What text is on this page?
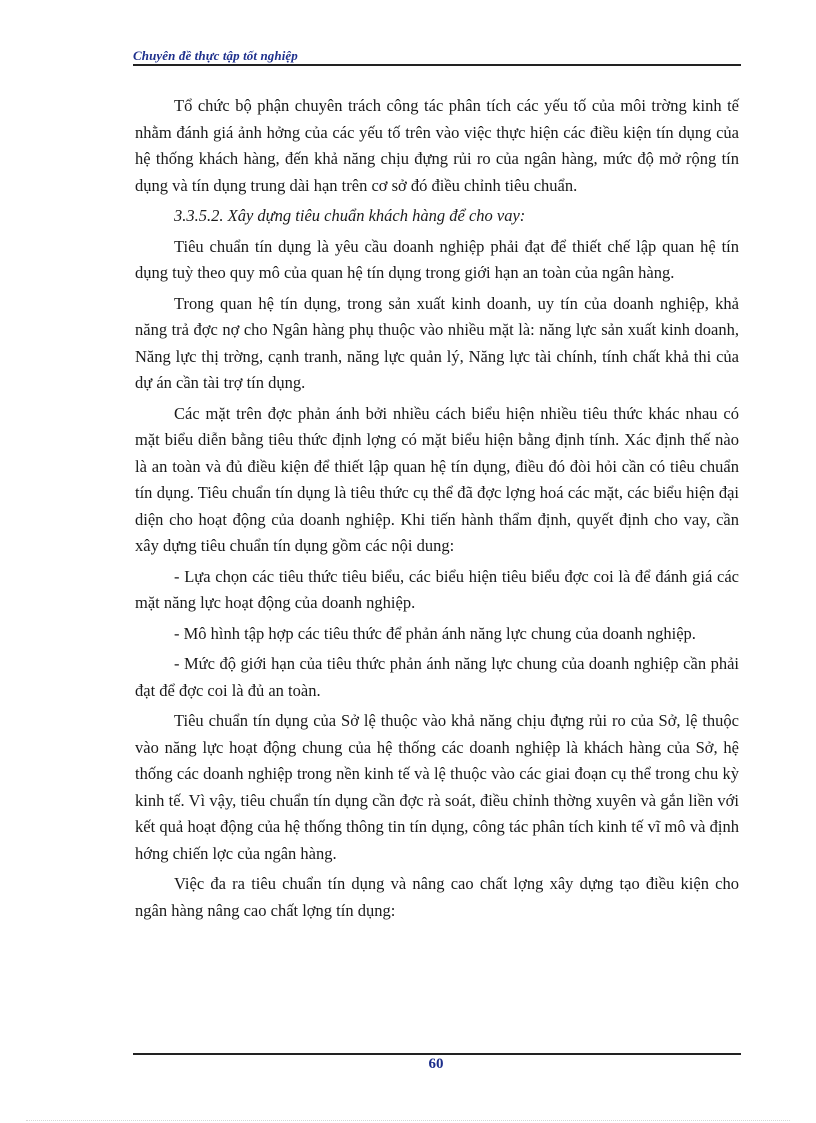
Chuyên đề thực tập tốt nghiệp

Tổ chức bộ phận chuyên trách công tác phân tích các yếu tố của môi trờng kinh tế nhằm đánh giá ảnh hởng của các yếu tố trên vào việc thực hiện các điều kiện tín dụng của hệ thống khách hàng, đến khả năng chịu đựng rủi ro của ngân hàng, mức độ mở rộng tín dụng và tín dụng trung dài hạn trên cơ sở đó điều chỉnh tiêu chuẩn.

3.3.5.2. Xây dựng tiêu chuẩn khách hàng để cho vay:

Tiêu chuẩn tín dụng là yêu cầu doanh nghiệp phải đạt để thiết chế lập quan hệ tín dụng tuỳ theo quy mô của quan hệ tín dụng trong giới hạn an toàn của ngân hàng.

Trong quan hệ tín dụng, trong sản xuất kinh doanh, uy tín của doanh nghiệp, khả năng trả đợc nợ cho Ngân hàng phụ thuộc vào nhiều mặt là: năng lực sản xuất kinh doanh, Năng lực thị trờng, cạnh tranh, năng lực quản lý, Năng lực tài chính, tính chất khả thi của dự án cần tài trợ tín dụng.

Các mặt trên đợc phản ánh bởi nhiều cách biểu hiện nhiều tiêu thức khác nhau có mặt biểu diễn bằng tiêu thức định lợng có mặt biểu hiện bằng định tính. Xác định thế nào là an toàn và đủ điều kiện để thiết lập quan hệ tín dụng, điều đó đòi hỏi cần có tiêu chuẩn tín dụng. Tiêu chuẩn tín dụng là tiêu thức cụ thể đã đợc lợng hoá các mặt, các biểu hiện đại diện cho hoạt động của doanh nghiệp. Khi tiến hành thẩm định, quyết định cho vay, cần xây dựng tiêu chuẩn tín dụng gồm các nội dung:

- Lựa chọn các tiêu thức tiêu biểu, các biểu hiện tiêu biểu đợc coi là để đánh giá các mặt năng lực hoạt động của doanh nghiệp.

- Mô hình tập hợp các tiêu thức để phản ánh năng lực chung của doanh nghiệp.

- Mức độ giới hạn của tiêu thức phản ánh năng lực chung của doanh nghiệp cần phải đạt để đợc coi là đủ an toàn.

Tiêu chuẩn tín dụng của Sở lệ thuộc vào khả năng chịu đựng rủi ro của Sở, lệ thuộc vào năng lực hoạt động chung của hệ thống các doanh nghiệp là khách hàng của Sở, hệ thống các doanh nghiệp trong nền kinh tế và lệ thuộc vào các giai đoạn cụ thể trong chu kỳ kinh tế. Vì vậy, tiêu chuẩn tín dụng cần đợc rà soát, điều chỉnh thờng xuyên và gắn liền với kết quả hoạt động của hệ thống thông tin tín dụng, công tác phân tích kinh tế vĩ mô và định hớng chiến lợc của ngân hàng.

Việc đa ra tiêu chuẩn tín dụng và nâng cao chất lợng xây dựng tạo điều kiện cho ngân hàng nâng cao chất lợng tín dụng:

60
